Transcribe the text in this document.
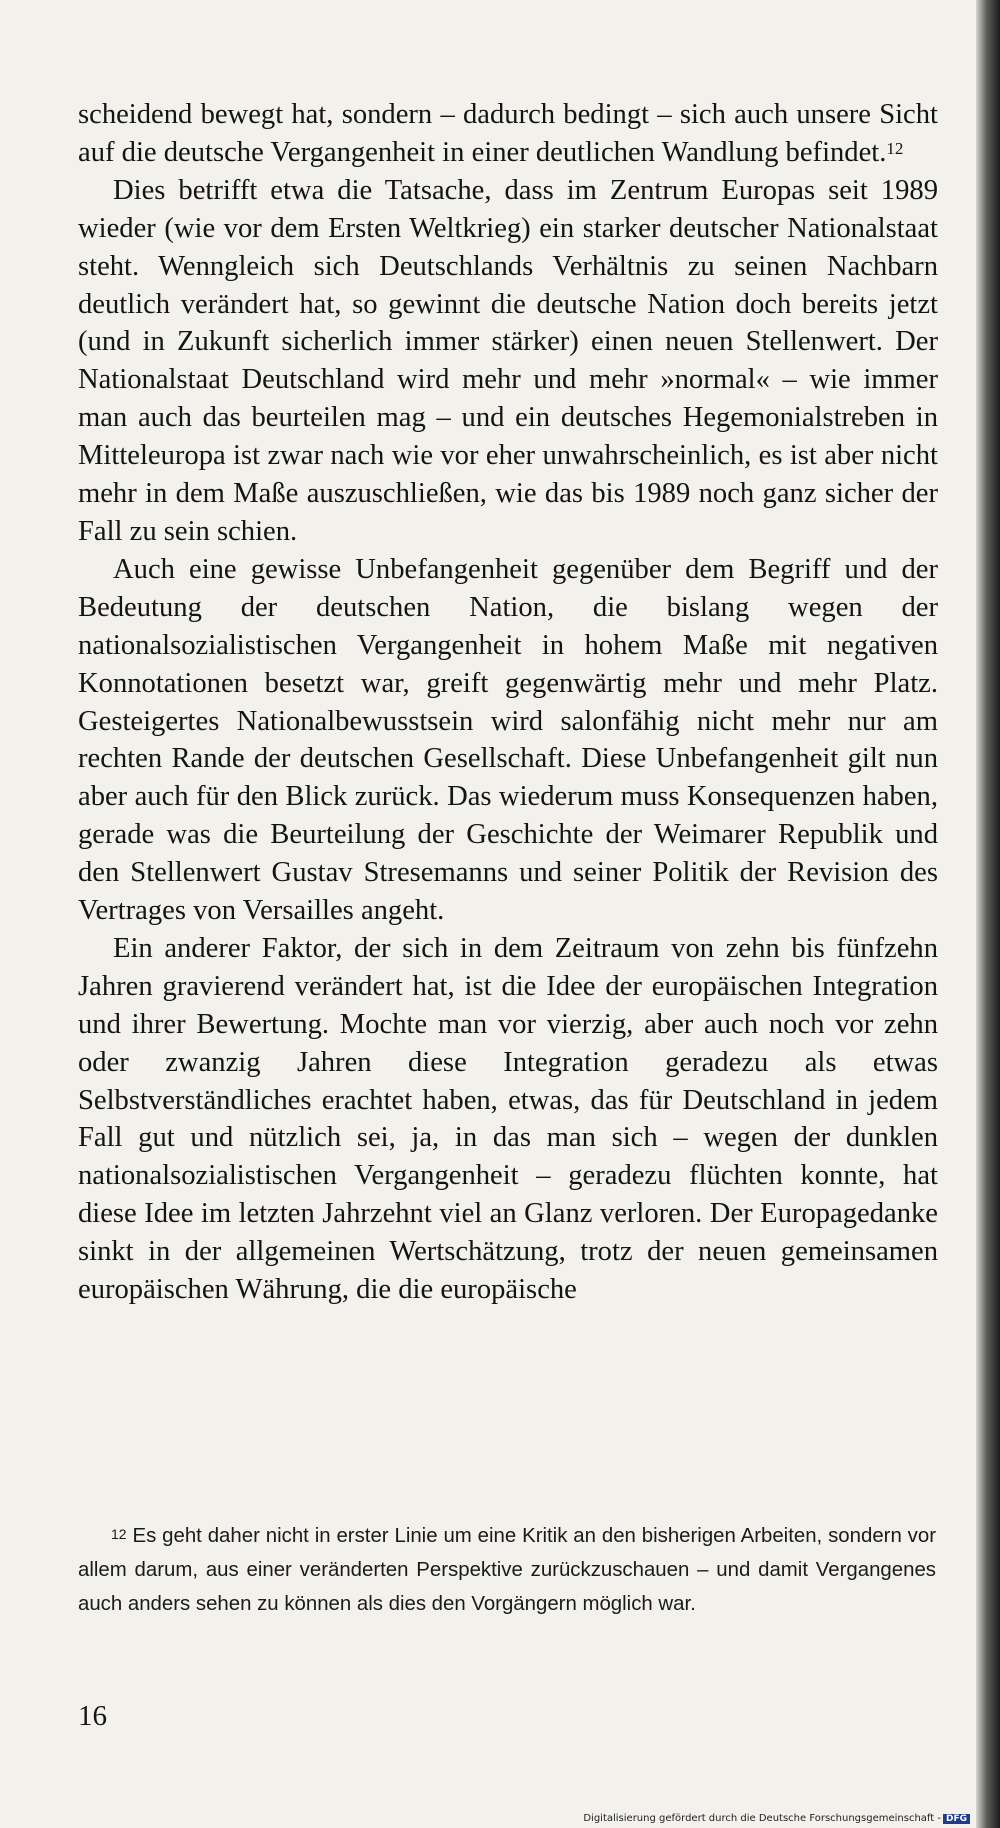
scheidend bewegt hat, sondern – dadurch bedingt – sich auch unsere Sicht auf die deutsche Vergangenheit in einer deutlichen Wandlung befindet.$^{12}$

Dies betrifft etwa die Tatsache, dass im Zentrum Europas seit 1989 wieder (wie vor dem Ersten Weltkrieg) ein starker deutscher Nationalstaat steht. Wenngleich sich Deutschlands Verhältnis zu seinen Nachbarn deutlich verändert hat, so gewinnt die deutsche Nation doch bereits jetzt (und in Zukunft sicherlich immer stärker) einen neuen Stellenwert. Der Nationalstaat Deutschland wird mehr und mehr »normal« – wie immer man auch das beurteilen mag – und ein deutsches Hegemonialstreben in Mitteleuropa ist zwar nach wie vor eher unwahrscheinlich, es ist aber nicht mehr in dem Maße auszuschließen, wie das bis 1989 noch ganz sicher der Fall zu sein schien.

Auch eine gewisse Unbefangenheit gegenüber dem Begriff und der Bedeutung der deutschen Nation, die bislang wegen der nationalsozialistischen Vergangenheit in hohem Maße mit negativen Konnotationen besetzt war, greift gegenwärtig mehr und mehr Platz. Gesteigertes Nationalbewusstsein wird salonfähig nicht mehr nur am rechten Rande der deutschen Gesellschaft. Diese Unbefangenheit gilt nun aber auch für den Blick zurück. Das wiederum muss Konsequenzen haben, gerade was die Beurteilung der Geschichte der Weimarer Republik und den Stellenwert Gustav Stresemanns und seiner Politik der Revision des Vertrages von Versailles angeht.

Ein anderer Faktor, der sich in dem Zeitraum von zehn bis fünfzehn Jahren gravierend verändert hat, ist die Idee der europäischen Integration und ihrer Bewertung. Mochte man vor vierzig, aber auch noch vor zehn oder zwanzig Jahren diese Integration geradezu als etwas Selbstverständliches erachtet haben, etwas, das für Deutschland in jedem Fall gut und nützlich sei, ja, in das man sich – wegen der dunklen nationalsozialistischen Vergangenheit – geradezu flüchten konnte, hat diese Idee im letzten Jahrzehnt viel an Glanz verloren. Der Europagedanke sinkt in der allgemeinen Wertschätzung, trotz der neuen gemeinsamen europäischen Währung, die die europäische

$^{12}$ Es geht daher nicht in erster Linie um eine Kritik an den bisherigen Arbeiten, sondern vor allem darum, aus einer veränderten Perspektive zurückzuschauen – und damit Vergangenes auch anders sehen zu können als dies den Vorgängern möglich war.

16
Digitalisierung gefördert durch die Deutsche Forschungsgemeinschaft - DFG
